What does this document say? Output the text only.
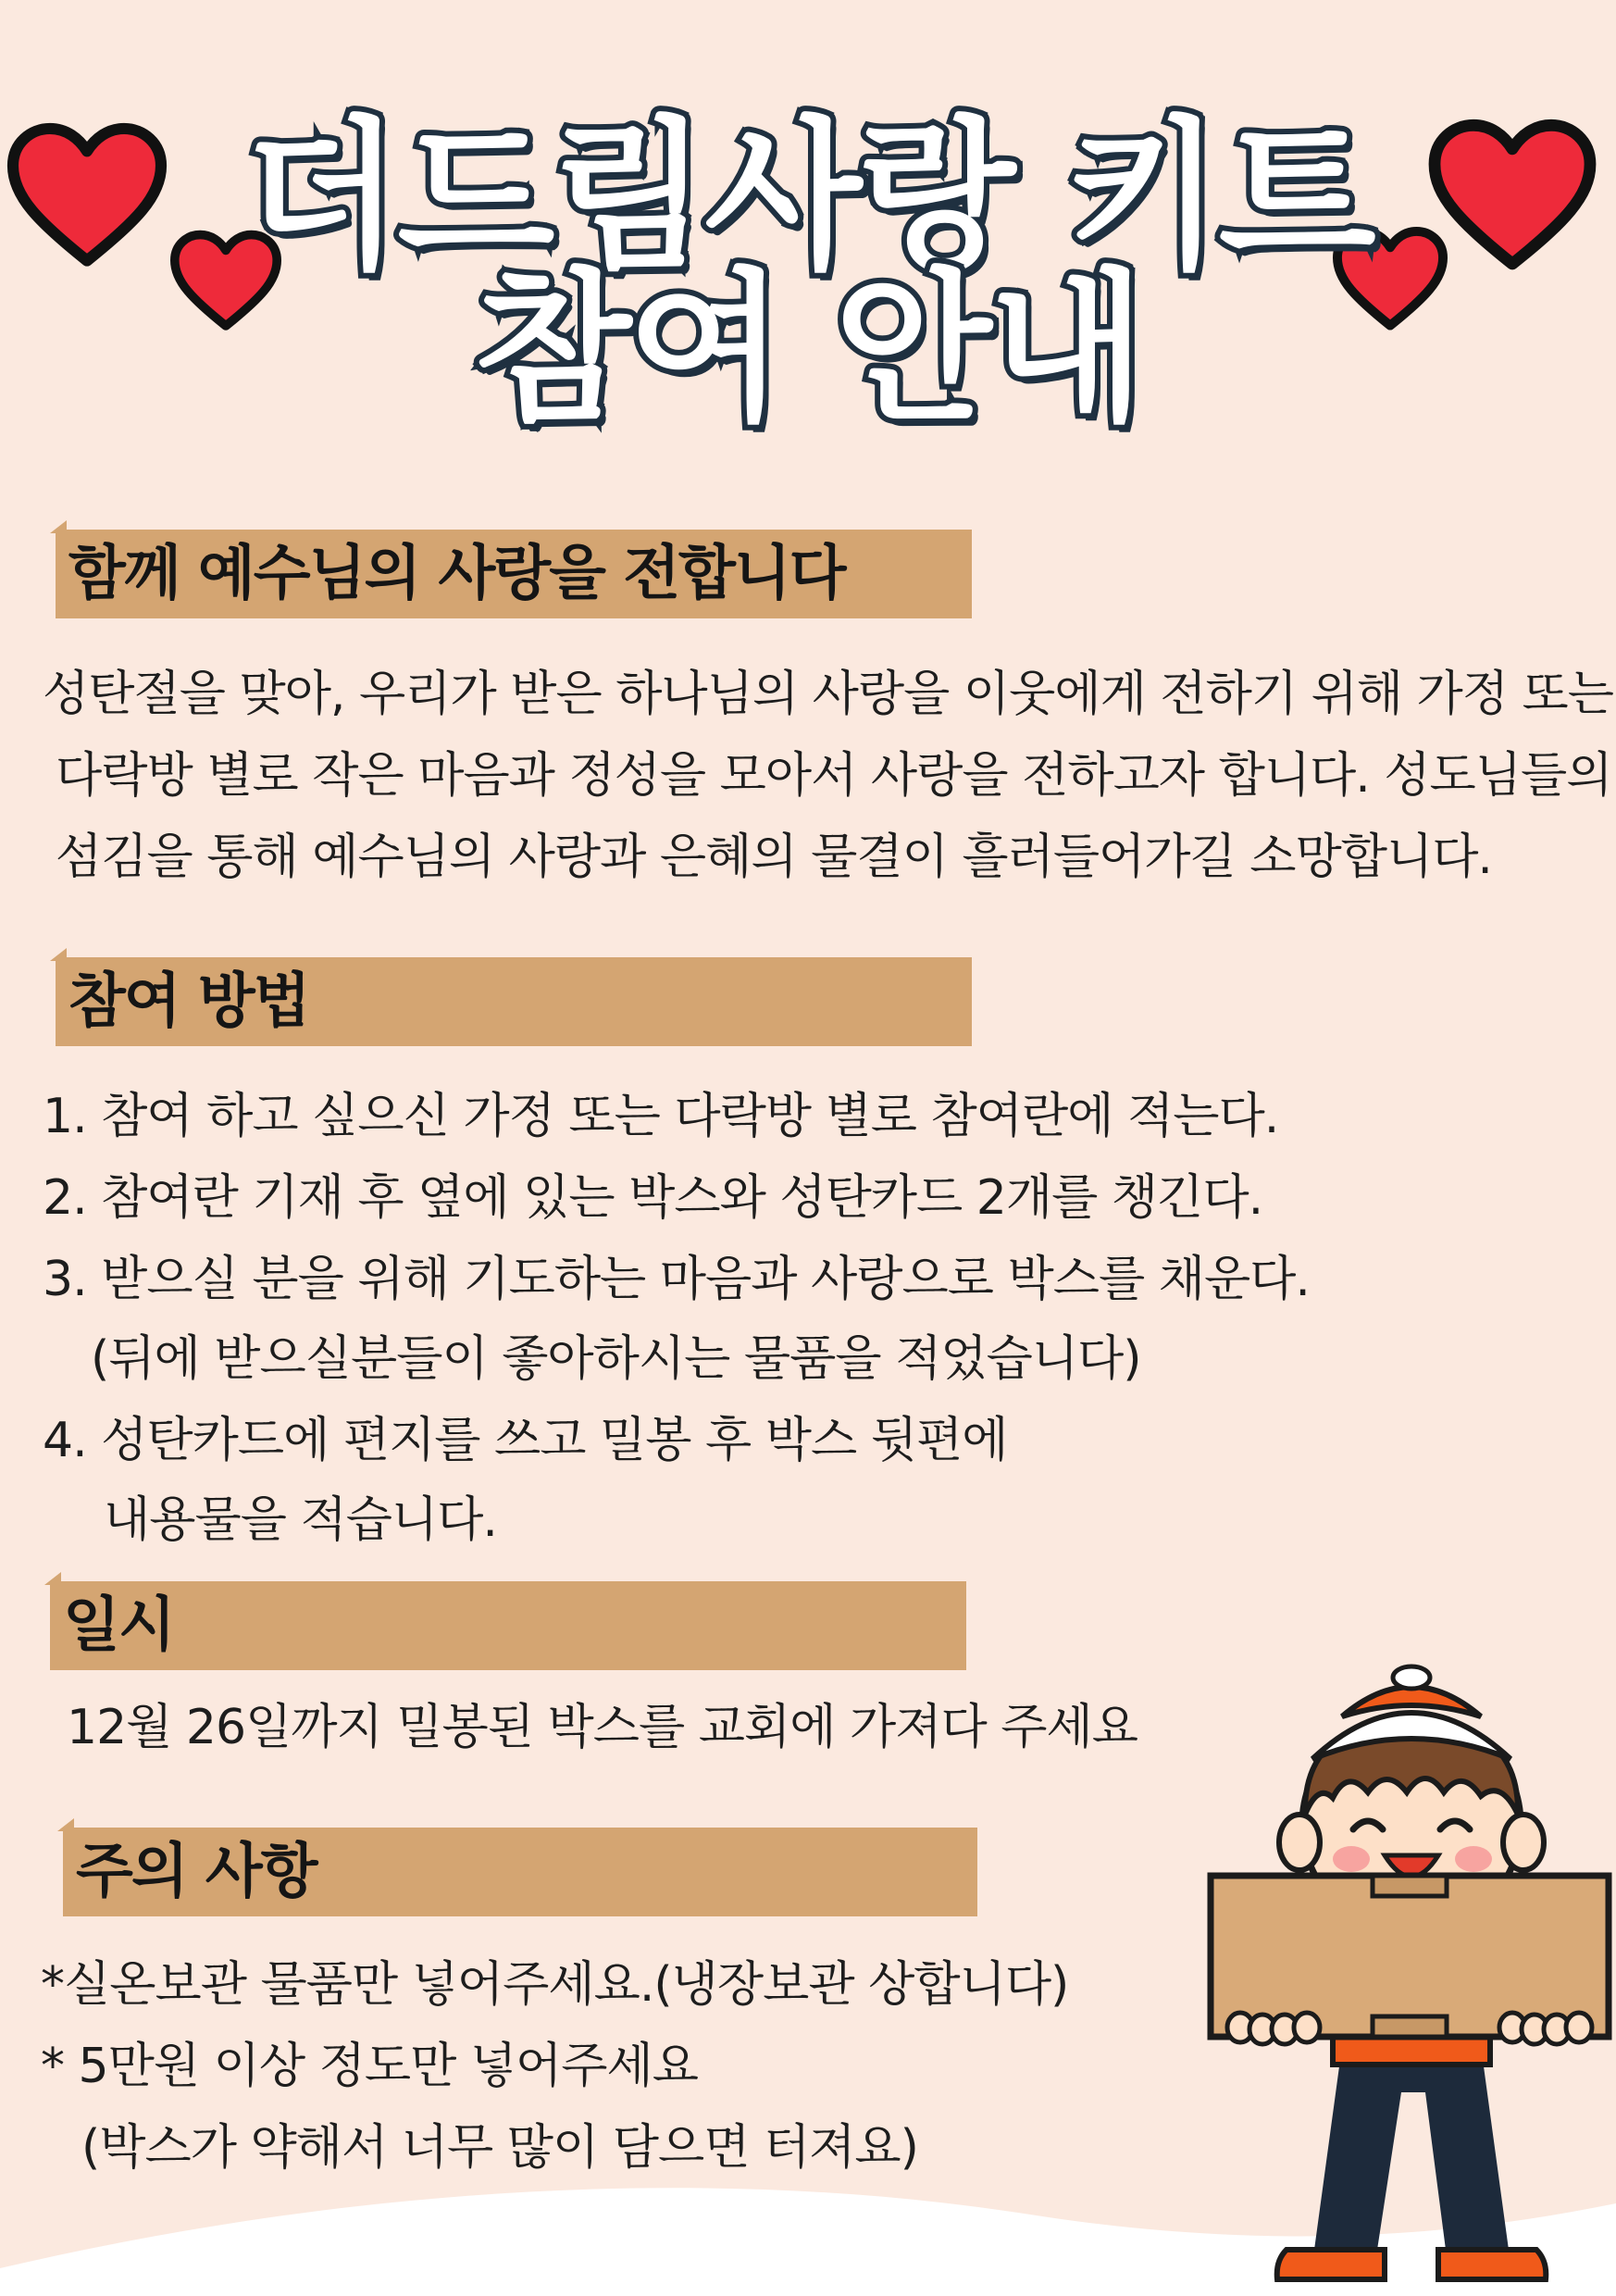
더드림사랑 키트
참여 안내
함께 예수님의 사랑을 전합니다
성탄절을 맞아, 우리가 받은 하나님의 사랑을 이웃에게 전하기 위해 가정 또는
다락방 별로 작은 마음과 정성을 모아서 사랑을 전하고자 합니다. 성도님들의
섬김을 통해 예수님의 사랑과 은혜의 물결이 흘러들어가길 소망합니다.
참여 방법
1. 참여 하고 싶으신 가정 또는 다락방 별로 참여란에 적는다.
2. 참여란 기재 후 옆에 있는 박스와 성탄카드 2개를 챙긴다.
3. 받으실 분을 위해 기도하는 마음과 사랑으로 박스를 채운다.
(뒤에 받으실분들이 좋아하시는 물품을 적었습니다)
4. 성탄카드에 편지를 쓰고 밀봉 후 박스 뒷편에
내용물을 적습니다.
일시
12월 26일까지 밀봉된 박스를 교회에 가져다 주세요
주의 사항
*실온보관 물품만 넣어주세요.(냉장보관 상합니다)
* 5만원 이상 정도만 넣어주세요
(박스가 약해서 너무 많이 담으면 터져요)
